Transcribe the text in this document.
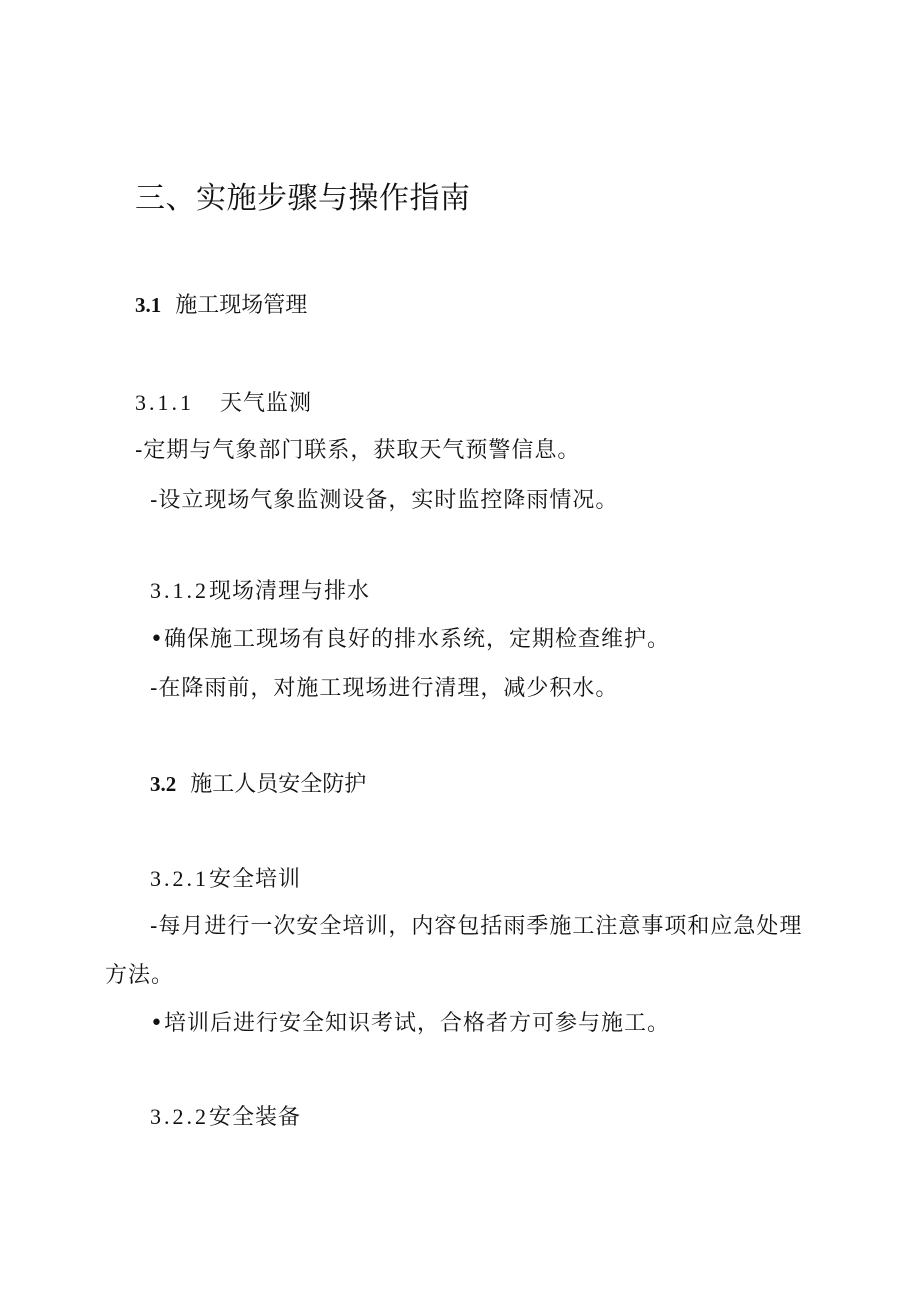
三、实施步骤与操作指南
3.1 施工现场管理
3.1.1 天气监测
-定期与气象部门联系，获取天气预警信息。
-设立现场气象监测设备，实时监控降雨情况。
3.1.2现场清理与排水
•确保施工现场有良好的排水系统，定期检查维护。
-在降雨前，对施工现场进行清理，减少积水。
3.2 施工人员安全防护
3.2.1安全培训
-每月进行一次安全培训，内容包括雨季施工注意事项和应急处理
方法。
•培训后进行安全知识考试，合格者方可参与施工。
3.2.2安全装备
